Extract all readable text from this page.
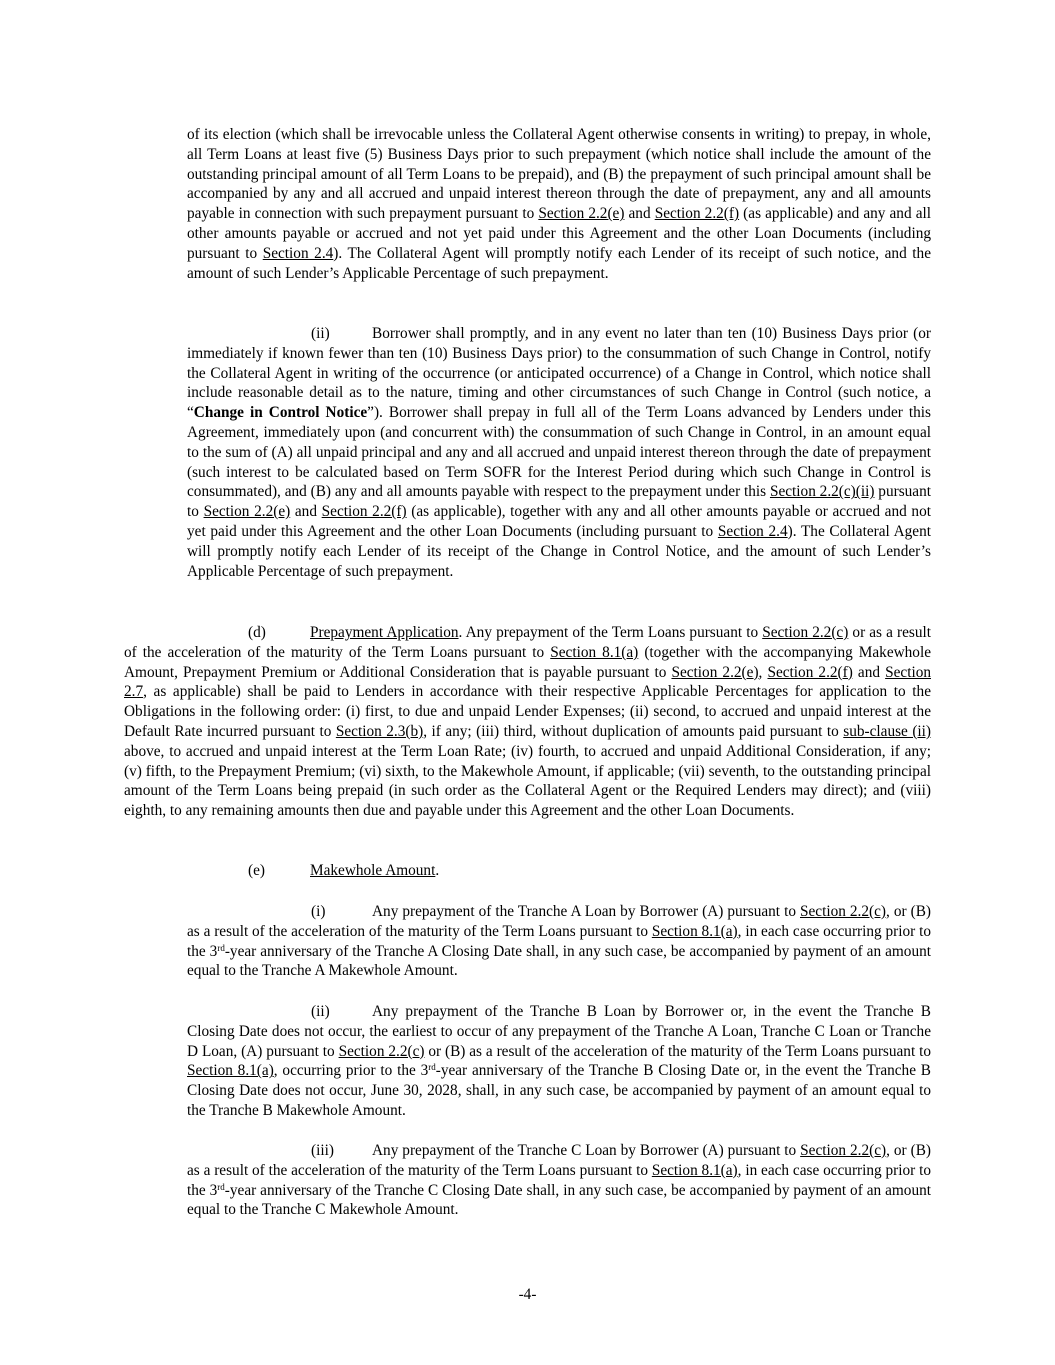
of its election (which shall be irrevocable unless the Collateral Agent otherwise consents in writing) to prepay, in whole, all Term Loans at least five (5) Business Days prior to such prepayment (which notice shall include the amount of the outstanding principal amount of all Term Loans to be prepaid), and (B) the prepayment of such principal amount shall be accompanied by any and all accrued and unpaid interest thereon through the date of prepayment, any and all amounts payable in connection with such prepayment pursuant to Section 2.2(e) and Section 2.2(f) (as applicable) and any and all other amounts payable or accrued and not yet paid under this Agreement and the other Loan Documents (including pursuant to Section 2.4). The Collateral Agent will promptly notify each Lender of its receipt of such notice, and the amount of such Lender’s Applicable Percentage of such prepayment.

(ii)	Borrower shall promptly, and in any event no later than ten (10) Business Days prior (or immediately if known fewer than ten (10) Business Days prior) to the consummation of such Change in Control, notify the Collateral Agent in writing of the occurrence (or anticipated occurrence) of a Change in Control, which notice shall include reasonable detail as to the nature, timing and other circumstances of such Change in Control (such notice, a “Change in Control Notice”). Borrower shall prepay in full all of the Term Loans advanced by Lenders under this Agreement, immediately upon (and concurrent with) the consummation of such Change in Control, in an amount equal to the sum of (A) all unpaid principal and any and all accrued and unpaid interest thereon through the date of prepayment (such interest to be calculated based on Term SOFR for the Interest Period during which such Change in Control is consummated), and (B) any and all amounts payable with respect to the prepayment under this Section 2.2(c)(ii) pursuant to Section 2.2(e) and Section 2.2(f) (as applicable), together with any and all other amounts payable or accrued and not yet paid under this Agreement and the other Loan Documents (including pursuant to Section 2.4). The Collateral Agent will promptly notify each Lender of its receipt of the Change in Control Notice, and the amount of such Lender’s Applicable Percentage of such prepayment.

(d)	Prepayment Application. Any prepayment of the Term Loans pursuant to Section 2.2(c) or as a result of the acceleration of the maturity of the Term Loans pursuant to Section 8.1(a) (together with the accompanying Makewhole Amount, Prepayment Premium or Additional Consideration that is payable pursuant to Section 2.2(e), Section 2.2(f) and Section 2.7, as applicable) shall be paid to Lenders in accordance with their respective Applicable Percentages for application to the Obligations in the following order: (i) first, to due and unpaid Lender Expenses; (ii) second, to accrued and unpaid interest at the Default Rate incurred pursuant to Section 2.3(b), if any; (iii) third, without duplication of amounts paid pursuant to sub-clause (ii) above, to accrued and unpaid interest at the Term Loan Rate; (iv) fourth, to accrued and unpaid Additional Consideration, if any; (v) fifth, to the Prepayment Premium; (vi) sixth, to the Makewhole Amount, if applicable; (vii) seventh, to the outstanding principal amount of the Term Loans being prepaid (in such order as the Collateral Agent or the Required Lenders may direct); and (viii) eighth, to any remaining amounts then due and payable under this Agreement and the other Loan Documents.

(e)	Makewhole Amount.

(i)	Any prepayment of the Tranche A Loan by Borrower (A) pursuant to Section 2.2(c), or (B) as a result of the acceleration of the maturity of the Term Loans pursuant to Section 8.1(a), in each case occurring prior to the 3rd-year anniversary of the Tranche A Closing Date shall, in any such case, be accompanied by payment of an amount equal to the Tranche A Makewhole Amount.

(ii)	Any prepayment of the Tranche B Loan by Borrower or, in the event the Tranche B Closing Date does not occur, the earliest to occur of any prepayment of the Tranche A Loan, Tranche C Loan or Tranche D Loan, (A) pursuant to Section 2.2(c) or (B) as a result of the acceleration of the maturity of the Term Loans pursuant to Section 8.1(a), occurring prior to the 3rd-year anniversary of the Tranche B Closing Date or, in the event the Tranche B Closing Date does not occur, June 30, 2028, shall, in any such case, be accompanied by payment of an amount equal to the Tranche B Makewhole Amount.

(iii) Any prepayment of the Tranche C Loan by Borrower (A) pursuant to Section 2.2(c), or (B) as a result of the acceleration of the maturity of the Term Loans pursuant to Section 8.1(a), in each case occurring prior to the 3rd-year anniversary of the Tranche C Closing Date shall, in any such case, be accompanied by payment of an amount equal to the Tranche C Makewhole Amount.

-4-
